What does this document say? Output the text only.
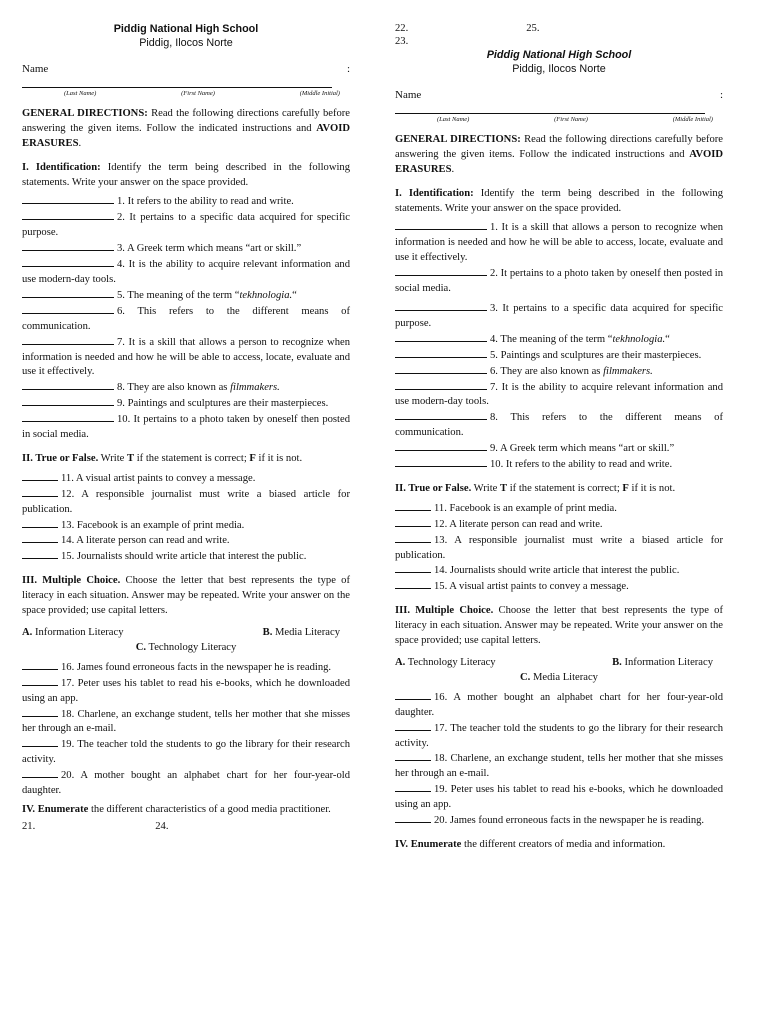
Piddig National High School
Piddig, Ilocos Norte
Name	:
(Last Name)	(First Name)	(Middle Initial)

GENERAL DIRECTIONS: Read the following directions carefully before answering the given items. Follow the indicated instructions and AVOID ERASURES.

I. Identification: Identify the term being described in the following statements. Write your answer on the space provided.

1. It refers to the ability to read and write.

2. It pertains to a specific data acquired for specific purpose.

3. A Greek term which means “art or skill.”

4. It is the ability to acquire relevant information and use modern-day tools.

5. The meaning of the term “tekhnologia.“

6. This refers to the different means of communication.

7. It is a skill that allows a person to recognize when information is needed and how he will be able to access, locate, evaluate and use it effectively.

8. They are also known as filmmakers.

9. Paintings and sculptures are their masterpieces.

10. It pertains to a photo taken by oneself then posted in social media.

II. True or False. Write T if the statement is correct; F if it is not.

11. A visual artist paints to convey a message.

12. A responsible journalist must write a biased article for publication.

13. Facebook is an example of print media.

14. A literate person can read and write.

15. Journalists should write article that interest the public.

III. Multiple Choice. Choose the letter that best represents the type of literacy in each situation. Answer may be repeated. Write your answer on the space provided; use capital letters.

A. Information Literacy	B. Media Literacy
C. Technology Literacy

16. James found erroneous facts in the newspaper he is reading.

17. Peter uses his tablet to read his e-books, which he downloaded using an app.

18. Charlene, an exchange student, tells her mother that she misses her through an e-mail.

19. The teacher told the students to go the library for their research activity.

20. A mother bought an alphabet chart for her four-year-old daughter.

IV. Enumerate the different characteristics of a good media practitioner.

21.	24.
22.	25.
23.
Piddig National High School
Piddig, Ilocos Norte
Name	:
(Last Name)	(First Name)	(Middle Initial)

GENERAL DIRECTIONS: Read the following directions carefully before answering the given items. Follow the indicated instructions and AVOID ERASURES.

I. Identification: Identify the term being described in the following statements. Write your answer on the space provided.

1. It is a skill that allows a person to recognize when information is needed and how he will be able to access, locate, evaluate and use it effectively.

2. It pertains to a photo taken by oneself then posted in social media.

3. It pertains to a specific data acquired for specific purpose.

4. The meaning of the term “tekhnologia.“

5. Paintings and sculptures are their masterpieces.

6. They are also known as filmmakers.

7. It is the ability to acquire relevant information and use modern-day tools.

8. This refers to the different means of communication.

9. A Greek term which means “art or skill.”

10. It refers to the ability to read and write.

II. True or False. Write T if the statement is correct; F if it is not.

11. Facebook is an example of print media.

12. A literate person can read and write.

13. A responsible journalist must write a biased article for publication.

14. Journalists should write article that interest the public.

15. A visual artist paints to convey a message.

III. Multiple Choice. Choose the letter that best represents the type of literacy in each situation. Answer may be repeated. Write your answer on the space provided; use capital letters.

A. Technology Literacy	B. Information Literacy
C. Media Literacy

16. A mother bought an alphabet chart for her four-year-old daughter.

17. The teacher told the students to go the library for their research activity.

18. Charlene, an exchange student, tells her mother that she misses her through an e-mail.

19. Peter uses his tablet to read his e-books, which he downloaded using an app.

20. James found erroneous facts in the newspaper he is reading.

IV. Enumerate the different creators of media and information.
